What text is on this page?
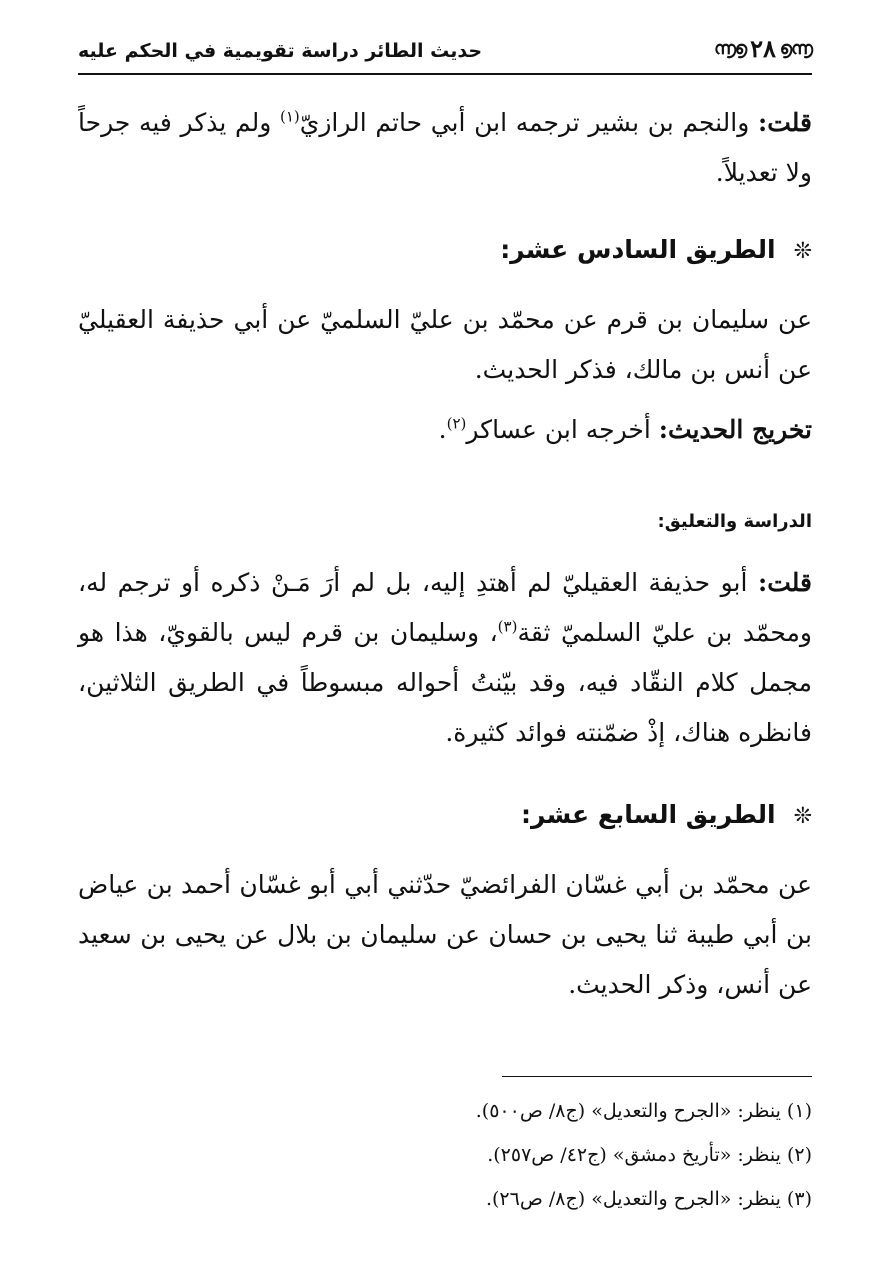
൬൭ ٢٨ ൭൬
حديث الطائر دراسة تقويمية في الحكم عليه
قلت: والنجم بن بشير ترجمه ابن أبي حاتم الرازيّ$^{(١)}$ ولم يذكر فيه جرحاً ولا تعديلاً.
❊الطريق السادس عشر:
عن سليمان بن قرم عن محمّد بن عليّ السلميّ عن أبي حذيفة العقيليّ عن أنس بن مالك، فذكر الحديث.
تخريج الحديث: أخرجه ابن عساكر$^{(٢)}$.
الدراسة والتعليق:
قلت: أبو حذيفة العقيليّ لم أهتدِ إليه، بل لم أرَ مَـنْ ذكره أو ترجم له، ومحمّد بن عليّ السلميّ ثقة$^{(٣)}$، وسليمان بن قرم ليس بالقويّ، هذا هو مجمل كلام النقّاد فيه، وقد بيّنتُ أحواله مبسوطاً في الطريق الثلاثين، فانظره هناك، إذْ ضمّنته فوائد كثيرة.
❊الطريق السابع عشر:
عن محمّد بن أبي غسّان الفرائضيّ حدّثني أبي أبو غسّان أحمد بن عياض بن أبي طيبة ثنا يحيى بن حسان عن سليمان بن بلال عن يحيى بن سعيد عن أنس، وذكر الحديث.
(١) ينظر: «الجرح والتعديل» (ج٨/ ص٥٠٠).
(٢) ينظر: «تأريخ دمشق» (ج٤٢/ ص٢٥٧).
(٣) ينظر: «الجرح والتعديل» (ج٨/ ص٢٦).
